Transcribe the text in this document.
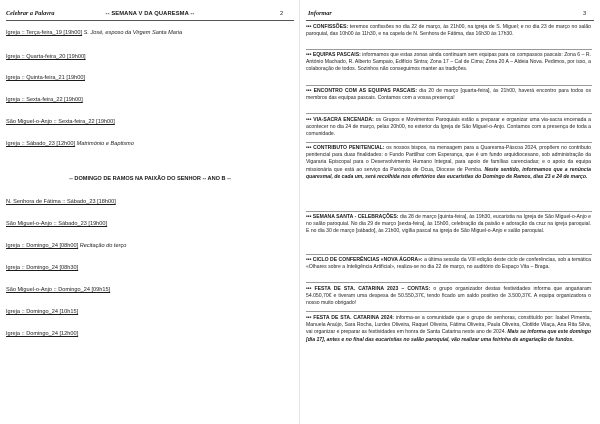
Celebrar a Palavra	-- SEMANA V DA QUARESMA --	2
Igreja :: Terça-feira_19 [19h00] S. José, esposo da Virgem Santa Maria
Igreja :: Quarta-feira_20 [19h00]
Igreja :: Quinta-feira_21 [19h00]
Igreja :: Sexta-feira_22 [19h00]
São Miguel-o-Anjo :: Sexta-feira_22 [19h00]
Igreja :: Sábado_23 [12h00] Matrimónio e Baptismo
-- DOMINGO DE RAMOS NA PAIXÃO DO SENHOR -- ANO B --
N. Senhora de Fátima :: Sábado_23 [18h00]
São Miguel-o-Anjo :: Sábado_23 [19h00]
Igreja :: Domingo_24 [08h00] Recitação do terço
Igreja :: Domingo_24 [08h30]
São Miguel-o-Anjo :: Domingo_24 [09h15]
Igreja :: Domingo_24 [10h15]
Igreja :: Domingo_24 [12h00]
Informar	3
••• CONFISSÕES: teremos confissões no dia 22 de março, às 21h00, na igreja de S. Miguel; e no dia 23 de março no salão paroquial, das 10h00 às 11h30, e na capela de N. Senhora de Fátima, das 16h30 às 17h30.
••• EQUIPAS PASCAIS: informamos que estas zonas ainda continuam sem equipas para os compassos pascais: Zona 6 – R. António Machado, R. Alberto Sampaio, Edifício Sintra; Zona 17 – Cal de Cima; Zona 20 A – Aldeia Nova. Pedimos, por isso, a colaboração de todos. Sozinhos não conseguimos manter as tradições.
••• ENCONTRO COM AS EQUIPAS PASCAIS: dia 20 de março [quarta-feira], às 21h00, haverá encontro para todos os membros das equipas pascais. Contamos com a vossa presença!
••• VIA-SACRA ENCENADA: os Grupos e Movimentos Paroquiais estão a preparar e organizar uma via-sacra encenada a acontecer no dia 24 de março, pelas 20h00, no exterior da Igreja de São Miguel-o-Anjo. Contamos com a presença de toda a comunidade.
••• CONTRIBUTO PENITENCIAL: os nossos bispos, na mensagem para a Quaresma-Páscoa 2024, propõem no contributo penitencial para duas finalidades: o Fundo Partilhar com Esperança, que é um fundo arquidiocesano, sob administração da Vigararia Episcopal para o Desenvolvimento Humano Integral, para apoio de famílias carenciadas; e o apoio da equipa missionária que está ao serviço da Paróquia de Ocua, Diocese de Pemba. Neste sentido, informamos que a renúncia quaresmal, de cada um, será recolhida nos ofertórios das eucaristias do Domingo de Ramos, dias 23 e 24 de março.
••• SEMANA SANTA - CELEBRAÇÕES: dia 28 de março [quinta-feira], às 19h30, eucaristia na Igreja de São Miguel-o-Anjo e no salão paroquial. No dia 29 de março [sexta-feira], às 15h00, celebração da paixão e adoração da cruz na igreja paroquial. E no dia 30 de março [sábado], às 21h00, vigília pascal na igreja de São Miguel-o-Anjo e salão paroquial.
••• CICLO DE CONFERÊNCIAS «NOVA ÁGORA»: a última sessão da VIII edição deste ciclo de conferências, sob a temática «Olhares sobre a Inteligência Artificial», realiza-se no dia 22 de março, no auditório do Espaço Vita – Braga.
••• FESTA DE STA. CATARINA 2023 – CONTAS: o grupo organizador destas festividades informa que angariaram 54.050,70€ e tiveram uma despesa de 50.550,37€, tendo ficado um saldo positivo de 3.500,37€. A equipa organizadora o nosso muito obrigado!
••• FESTA DE STA. CATARINA 2024: informa-se a comunidade que o grupo de senhoras, constituído por: Isabel Pimenta, Manuela Araújo, Sara Rocha, Lurdes Oliveira, Raquel Oliveira, Fátima Oliveira, Paula Oliveira, Clotilde Vilaça, Ana Rita Silva, vai organizar e preparar as festividades em honra de Santa Catarina neste ano de 2024. Mais se informa que este domingo [dia 17], antes e no final das eucaristias no salão paroquial, vão realizar uma feirinha de angariação de fundos.
